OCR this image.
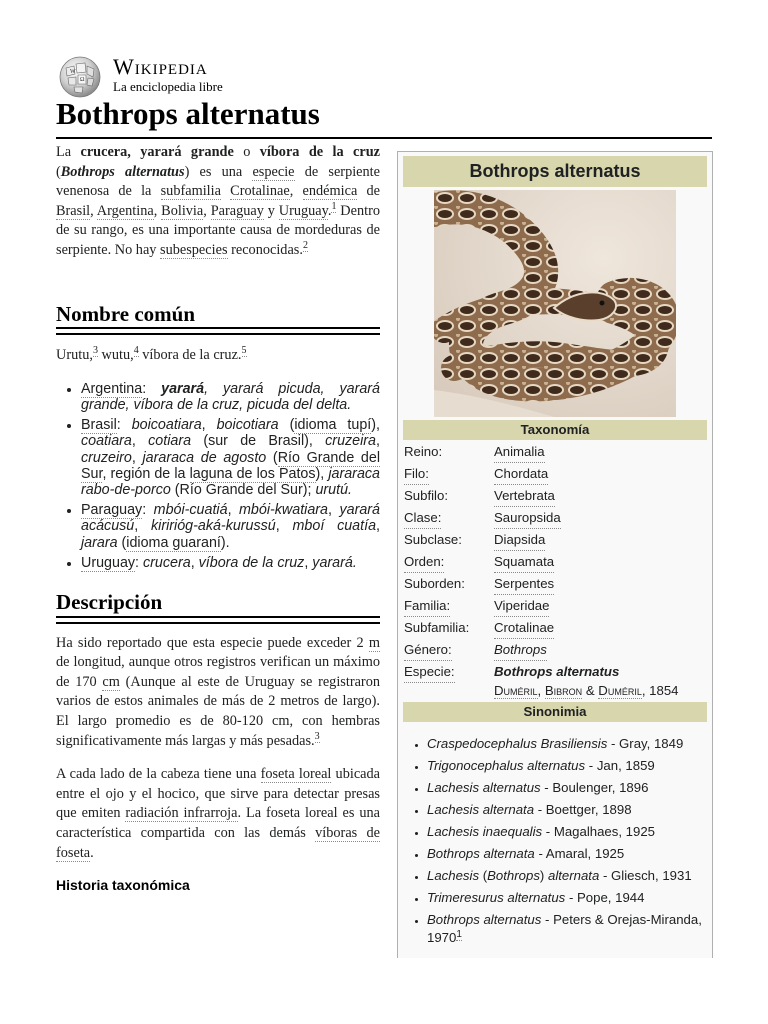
W
Ω
Wikipedia
La enciclopedia libre
Bothrops alternatus

La crucera, yarará grande o víbora de la cruz (Bothrops alternatus) es una especie de serpiente venenosa de la subfamilia Crotalinae, endémica de Brasil, Argentina, Bolivia, Paraguay y Uruguay.$^1$ Dentro de su rango, es una importante causa de mordeduras de serpiente. No hay subespecies reconocidas.$^2$

Nombre común

Urutu,$^3$ wutu,$^4$ víbora de la cruz.$^5$

• Argentina: yarará, yarará picuda, yarará grande, víbora de la cruz, picuda del delta.
• Brasil: boicoatiara, boicotiara (idioma tupí), coatiara, cotiara (sur de Brasil), cruzeira, cruzeiro, jararaca de agosto (Río Grande del Sur, región de la laguna de los Patos), jararaca rabo-de-porco (Río Grande del Sur); urutú.
• Paraguay: mbói-cuatiá, mbói-kwatiara, yarará acácusú, kiririóg-aká-kurussú, mboí cuatía, jarara (idioma guaraní).
• Uruguay: crucera, víbora de la cruz, yarará.
Descripción

Ha sido reportado que esta especie puede exceder 2 m de longitud, aunque otros registros verifican un máximo de 170 cm (Aunque al este de Uruguay se registraron varios de estos animales de más de 2 metros de largo). El largo promedio es de 80-120 cm, con hembras significativamente más largas y más pesadas.$^3$

A cada lado de la cabeza tiene una foseta loreal ubicada entre el ojo y el hocico, que sirve para detectar presas que emiten radiación infrarroja. La foseta loreal es una característica compartida con las demás víboras de foseta.

Historia taxonómica
Bothrops alternatus
Taxonomía
Reino:	Animalia
Filo:	Chordata
Subfilo:	Vertebrata
Clase:	Sauropsida
Subclase: Diapsida
Orden:	Squamata
Suborden: Serpentes
Familia:	Viperidae
Subfamilia: Crotalinae
Género:	Bothrops
Especie:	Bothrops alternatus
Duméril, Bibron & Duméril, 1854
Sinonimia
• Craspedocephalus Brasiliensis - Gray, 1849
• Trigonocephalus alternatus - Jan, 1859
• Lachesis alternatus - Boulenger, 1896
• Lachesis alternata - Boettger, 1898
• Lachesis inaequalis - Magalhaes, 1925
• Bothrops alternata - Amaral, 1925
• Lachesis (Bothrops) alternata - Gliesch, 1931
• Trimeresurus alternatus - Pope, 1944
• Bothrops alternatus - Peters & Orejas-Miranda, 1970$^1$
